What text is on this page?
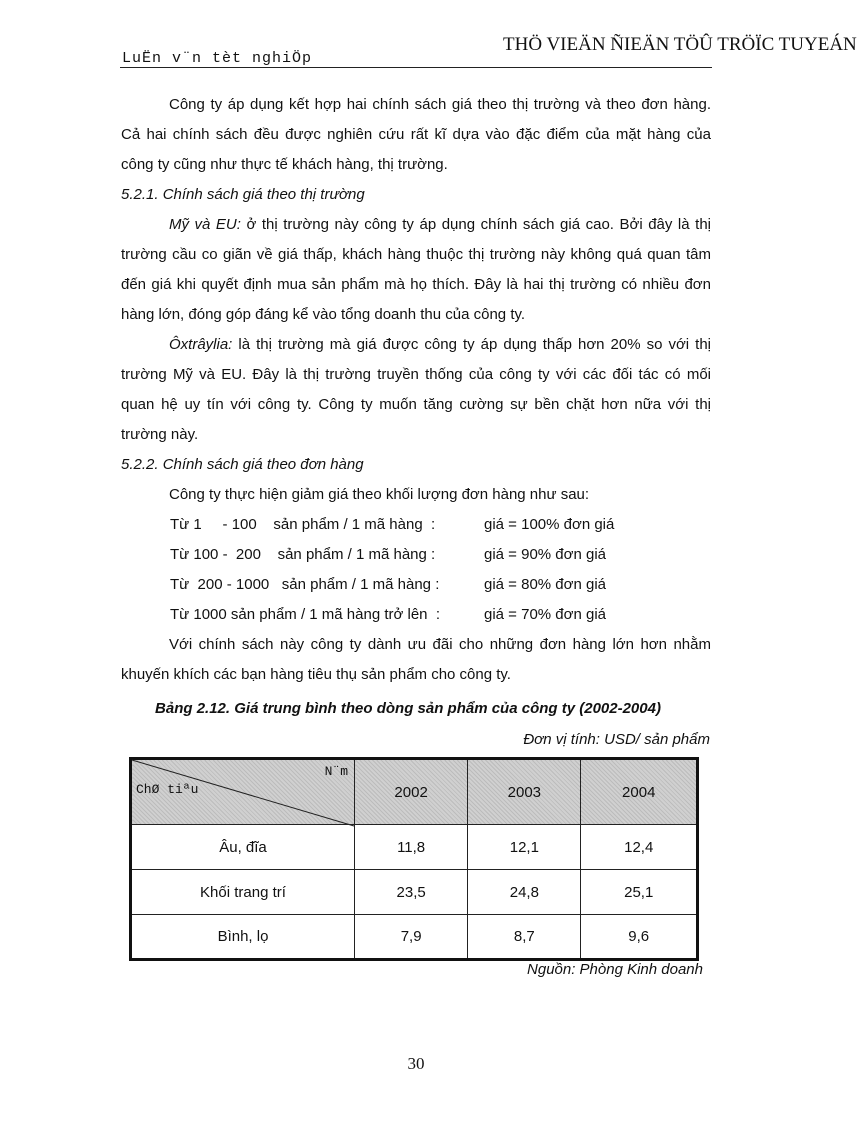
LuËn v¨n tèt nghiÖp
THÖ VIEÄN ÑIEÄN TÖÛ TRÖÏC TUYEÁN

Công ty áp dụng kết hợp hai chính sách giá theo thị trường và theo đơn hàng. Cả hai chính sách đều được nghiên cứu rất kĩ dựa vào đặc điểm của mặt hàng của công ty cũng như thực tế khách hàng, thị trường.

5.2.1. Chính sách giá theo thị trường

Mỹ và EU: ở thị trường này công ty áp dụng chính sách giá cao. Bởi đây là thị trường cầu co giãn về giá thấp, khách hàng thuộc thị trường này không quá quan tâm đến giá khi quyết định mua sản phẩm mà họ thích. Đây là hai thị trường có nhiều đơn hàng lớn, đóng góp đáng kể vào tổng doanh thu của công ty.

Ôxtrâylia: là thị trường mà giá được công ty áp dụng thấp hơn 20% so với thị trường Mỹ và EU. Đây là thị trường truyền thống của công ty với các đối tác có mối quan hệ uy tín với công ty. Công ty muốn tăng cường sự bền chặt hơn nữa với thị trường này.

5.2.2. Chính sách giá theo đơn hàng

Công ty thực hiện giảm giá theo khối lượng đơn hàng như sau:

Từ 1     - 100    sản phẩm / 1 mã hàng  :	giá = 100% đơn giá
Từ 100 -  200    sản phẩm / 1 mã hàng :	giá = 90% đơn giá
Từ  200 - 1000   sản phẩm / 1 mã hàng :	giá = 80% đơn giá
Từ 1000 sản phẩm / 1 mã hàng trở lên  :	giá = 70% đơn giá

Với chính sách này công ty dành ưu đãi cho những đơn hàng lớn hơn nhằm khuyến khích các bạn hàng tiêu thụ sản phẩm cho công ty.

Bảng 2.12. Giá trung bình theo dòng sản phẩm của công ty (2002-2004)
Đơn vị tính: USD/ sản phẩm
N¨m
ChØ tiªu	2002	2003	2004
Âu, đĩa	11,8	12,1	12,4
Khối trang trí	23,5	24,8	25,1
Bình, lọ	7,9	8,7	9,6
Nguồn: Phòng Kinh doanh
30
